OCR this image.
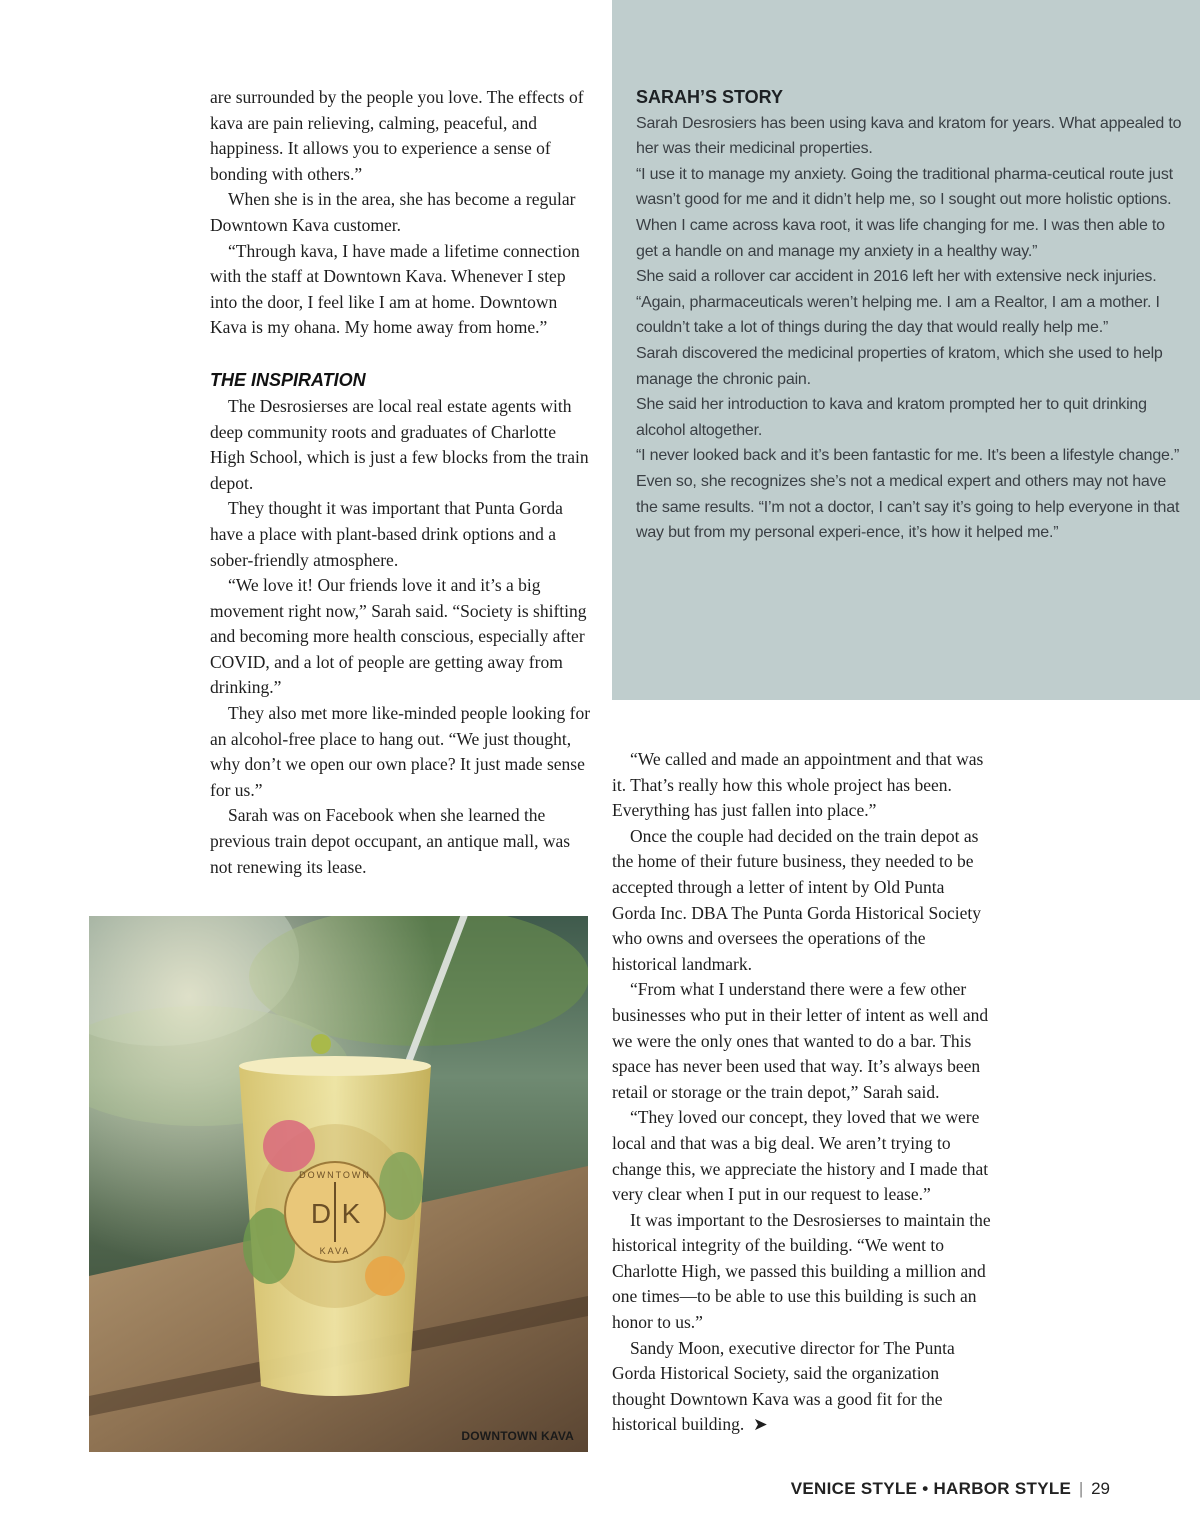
are surrounded by the people you love. The effects of kava are pain relieving, calming, peaceful, and happiness. It allows you to experience a sense of bonding with others.”

When she is in the area, she has become a regular Downtown Kava customer.

“Through kava, I have made a lifetime connection with the staff at Downtown Kava. Whenever I step into the door, I feel like I am at home. Downtown Kava is my ohana. My home away from home.”

THE INSPIRATION

The Desrosierses are local real estate agents with deep community roots and graduates of Charlotte High School, which is just a few blocks from the train depot.

They thought it was important that Punta Gorda have a place with plant-based drink options and a sober-friendly atmosphere.

“We love it! Our friends love it and it’s a big movement right now,” Sarah said. “Society is shifting and becoming more health conscious, especially after COVID, and a lot of people are getting away from drinking.”

They also met more like-minded people looking for an alcohol-free place to hang out. “We just thought, why don’t we open our own place? It just made sense for us.”

Sarah was on Facebook when she learned the previous train depot occupant, an antique mall, was not renewing its lease.

SARAH’S STORY

Sarah Desrosiers has been using kava and kratom for years. What appealed to her was their medicinal properties.

“I use it to manage my anxiety. Going the traditional pharma-ceutical route just wasn’t good for me and it didn’t help me, so I sought out more holistic options. When I came across kava root, it was life changing for me. I was then able to get a handle on and manage my anxiety in a healthy way.”

She said a rollover car accident in 2016 left her with extensive neck injuries.

“Again, pharmaceuticals weren’t helping me. I am a Realtor, I am a mother. I couldn’t take a lot of things during the day that would really help me.”

Sarah discovered the medicinal properties of kratom, which she used to help manage the chronic pain.

She said her introduction to kava and kratom prompted her to quit drinking alcohol altogether.

“I never looked back and it’s been fantastic for me. It’s been a lifestyle change.”

Even so, she recognizes she’s not a medical expert and others may not have the same results. “I’m not a doctor, I can’t say it’s going to help everyone in that way but from my personal experi-ence, it’s how it helped me.”

“We called and made an appointment and that was it. That’s really how this whole project has been. Everything has just fallen into place.”

Once the couple had decided on the train depot as the home of their future business, they needed to be accepted through a letter of intent by Old Punta Gorda Inc. DBA The Punta Gorda Historical Society who owns and oversees the operations of the historical landmark.

“From what I understand there were a few other businesses who put in their letter of intent as well and we were the only ones that wanted to do a bar. This space has never been used that way. It’s always been retail or storage or the train depot,” Sarah said.

“They loved our concept, they loved that we were local and that was a big deal. We aren’t trying to change this, we appreciate the history and I made that very clear when I put in our request to lease.”

It was important to the Desrosierses to maintain the historical integrity of the building. “We went to Charlotte High, we passed this building a million and one times—to be able to use this building is such an honor to us.”

Sandy Moon, executive director for The Punta Gorda Historical Society, said the organization thought Downtown Kava was a good fit for the historical building. ➤

D K
DOWNTOWN
KAVA
DOWNTOWN KAVA
VENICE STYLE • HARBOR STYLE | 29
